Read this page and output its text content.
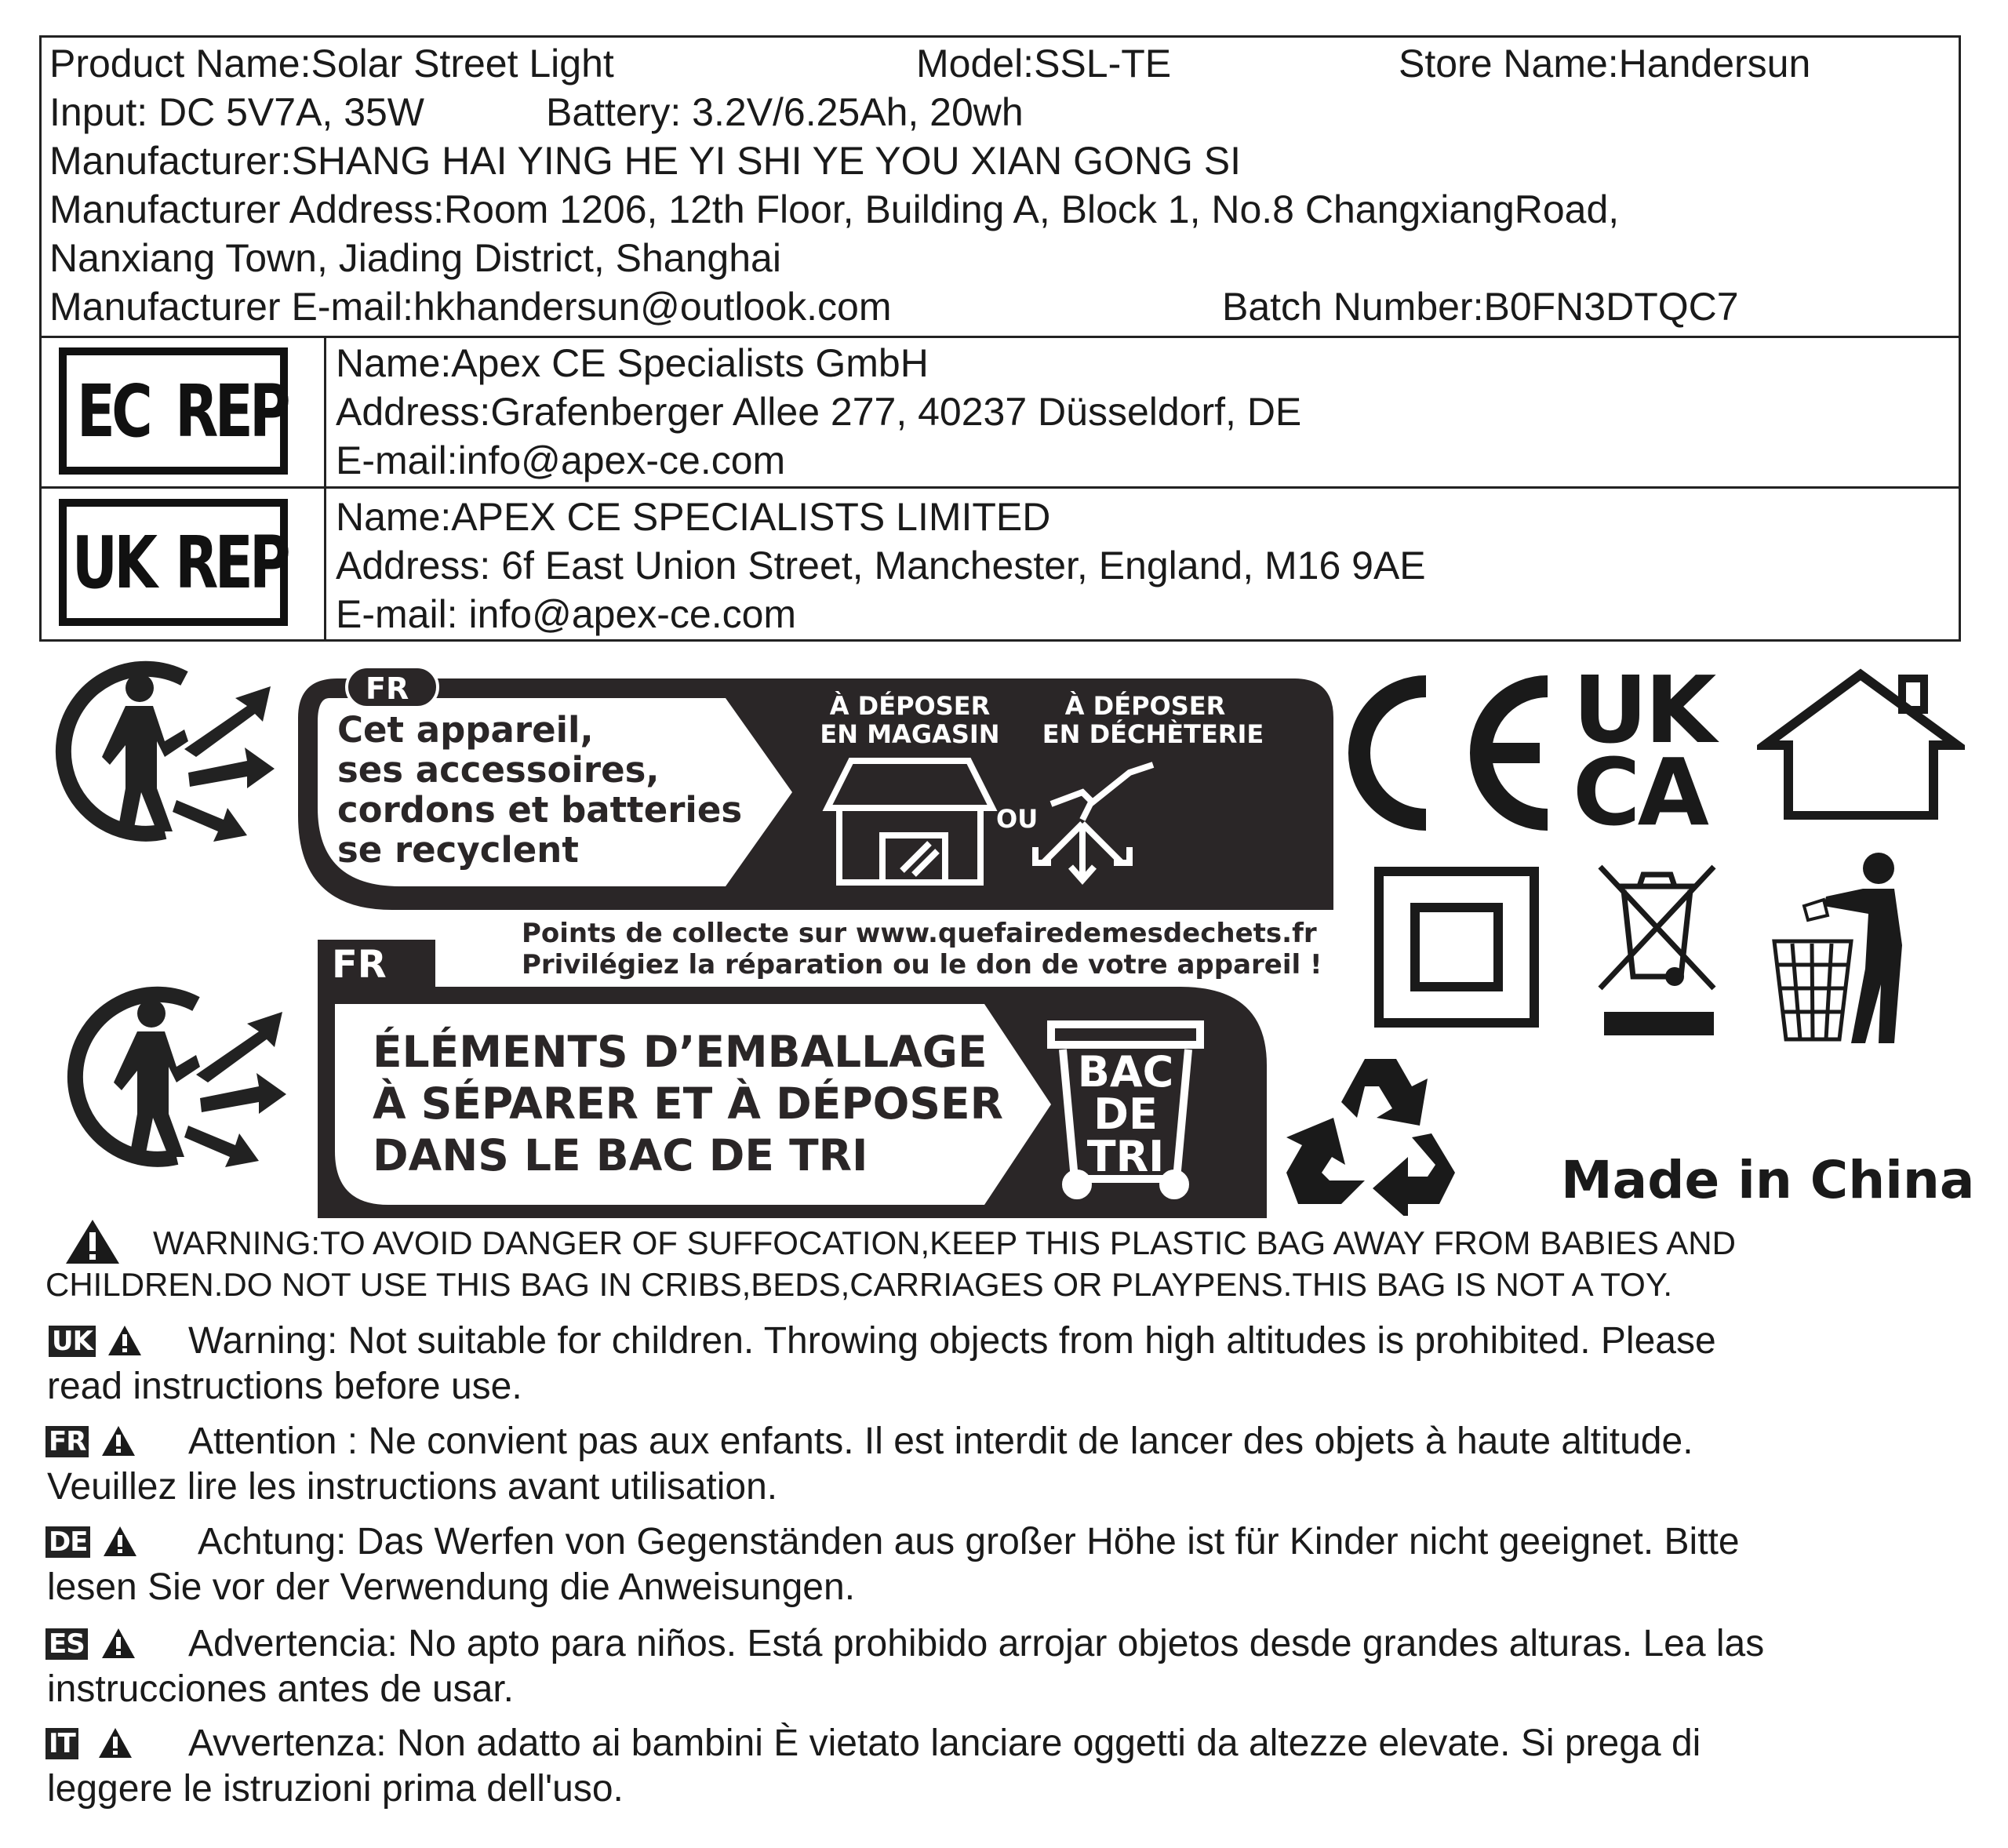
Product Name:Solar Street Light	Model:SSL-TE	Store Name:Handersun
Input: DC 5V7A, 35W	Battery: 3.2V/6.25Ah, 20wh
Manufacturer:SHANG HAI YING HE YI SHI YE YOU XIAN GONG SI
Manufacturer Address:Room 1206, 12th Floor, Building A, Block 1, No.8 ChangxiangRoad,
Nanxiang Town, Jiading District, Shanghai
Manufacturer E-mail:hkhandersun@outlook.com	Batch Number:B0FN3DTQC7
EC REP
Name:Apex CE Specialists GmbH
Address:Grafenberger Allee 277, 40237 Düsseldorf, DE
E-mail:info@apex-ce.com
UK REP
Name:APEX CE SPECIALISTS LIMITED
Address: 6f East Union Street, Manchester, England, M16 9AE
E-mail: info@apex-ce.com
FR
Cet appareil,
ses accessoires,
cordons et batteries
se recyclent
À DÉPOSER
EN MAGASIN
OU
À DÉPOSER
EN DÉCHÈTERIE
Points de collecte sur www.quefairedemesdechets.fr
Privilégiez la réparation ou le don de votre appareil !
FR
ÉLÉMENTS D’EMBALLAGE
À SÉPARER ET À DÉPOSER
DANS LE BAC DE TRI
BAC
DE
TRI
UK
CA
Made in China
WARNING:TO AVOID DANGER OF SUFFOCATION,KEEP THIS PLASTIC BAG AWAY FROM BABIES AND
CHILDREN.DO NOT USE THIS BAG IN CRIBS,BEDS,CARRIAGES OR PLAYPENS.THIS BAG IS NOT A TOY.
UK	Warning: Not suitable for children. Throwing objects from high altitudes is prohibited. Please
read instructions before use.
FR	Attention : Ne convient pas aux enfants. Il est interdit de lancer des objets à haute altitude.
Veuillez lire les instructions avant utilisation.
DE	Achtung: Das Werfen von Gegenständen aus großer Höhe ist für Kinder nicht geeignet. Bitte
lesen Sie vor der Verwendung die Anweisungen.
ES	Advertencia: No apto para niños. Está prohibido arrojar objetos desde grandes alturas. Lea las
instrucciones antes de usar.
IT	Avvertenza: Non adatto ai bambini È vietato lanciare oggetti da altezze elevate. Si prega di
leggere le istruzioni prima dell'uso.
